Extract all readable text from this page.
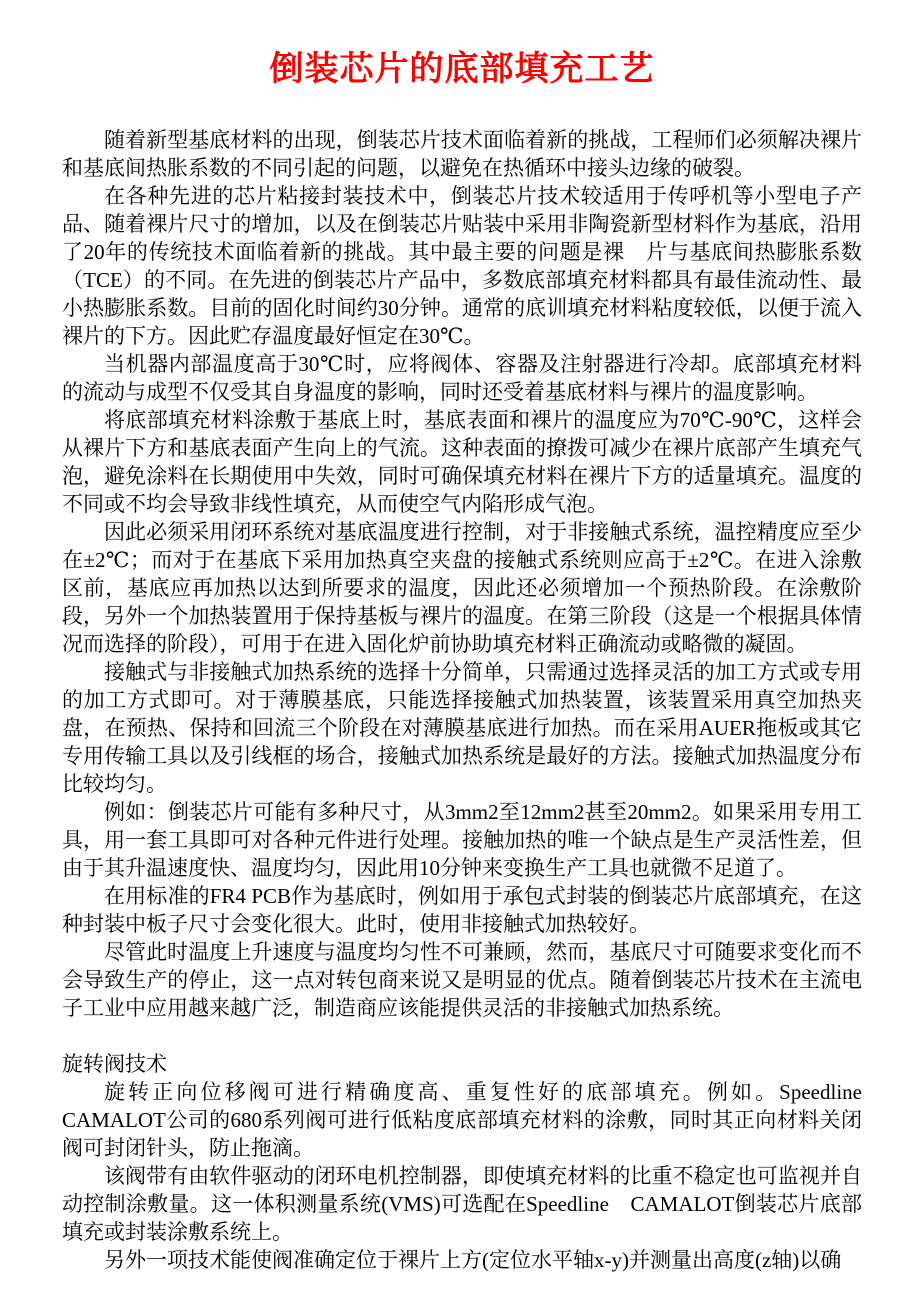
倒装芯片的底部填充工艺

随着新型基底材料的出现，倒装芯片技术面临着新的挑战，工程师们必须解决裸片和基底间热胀系数的不同引起的问题，以避免在热循环中接头边缘的破裂。

在各种先进的芯片粘接封装技术中，倒装芯片技术较适用于传呼机等小型电子产品、随着裸片尺寸的增加，以及在倒装芯片贴装中采用非陶瓷新型材料作为基底，沿用了20年的传统技术面临着新的挑战。其中最主要的问题是裸　片与基底间热膨胀系数（TCE）的不同。在先进的倒装芯片产品中，多数底部填充材料都具有最佳流动性、最小热膨胀系数。目前的固化时间约30分钟。通常的底训填充材料粘度较低，以便于流入裸片的下方。因此贮存温度最好恒定在30℃。

当机器内部温度高于30℃时，应将阀体、容器及注射器进行冷却。底部填充材料的流动与成型不仅受其自身温度的影响，同时还受着基底材料与裸片的温度影响。

将底部填充材料涂敷于基底上时，基底表面和裸片的温度应为70℃-90℃，这样会从裸片下方和基底表面产生向上的气流。这种表面的撩拨可减少在裸片底部产生填充气泡，避免涂料在长期使用中失效，同时可确保填充材料在裸片下方的适量填充。温度的不同或不均会导致非线性填充，从而使空气内陷形成气泡。

因此必须采用闭环系统对基底温度进行控制，对于非接触式系统，温控精度应至少在±2℃；而对于在基底下采用加热真空夹盘的接触式系统则应高于±2℃。在进入涂敷区前，基底应再加热以达到所要求的温度，因此还必须增加一个预热阶段。在涂敷阶段，另外一个加热装置用于保持基板与裸片的温度。在第三阶段（这是一个根据具体情况而选择的阶段），可用于在进入固化炉前协助填充材料正确流动或略微的凝固。

接触式与非接触式加热系统的选择十分简单，只需通过选择灵活的加工方式或专用的加工方式即可。对于薄膜基底，只能选择接触式加热装置，该装置采用真空加热夹盘，在预热、保持和回流三个阶段在对薄膜基底进行加热。而在采用AUER拖板或其它专用传输工具以及引线框的场合，接触式加热系统是最好的方法。接触式加热温度分布比较均匀。

例如：倒装芯片可能有多种尺寸，从3mm2至12mm2甚至20mm2。如果采用专用工具，用一套工具即可对各种元件进行处理。接触加热的唯一个缺点是生产灵活性差，但由于其升温速度快、温度均匀，因此用10分钟来变换生产工具也就微不足道了。

在用标准的FR4 PCB作为基底时，例如用于承包式封装的倒装芯片底部填充，在这种封装中板子尺寸会变化很大。此时，使用非接触式加热较好。

尽管此时温度上升速度与温度均匀性不可兼顾，然而，基底尺寸可随要求变化而不会导致生产的停止，这一点对转包商来说又是明显的优点。随着倒装芯片技术在主流电子工业中应用越来越广泛，制造商应该能提供灵活的非接触式加热系统。

旋转阀技术

旋转正向位移阀可进行精确度高、重复性好的底部填充。例如。Speedline　CAMALOT公司的680系列阀可进行低粘度底部填充材料的涂敷，同时其正向材料关闭阀可封闭针头，防止拖滴。

该阀带有由软件驱动的闭环电机控制器，即使填充材料的比重不稳定也可监视并自动控制涂敷量。这一体积测量系统(VMS)可选配在Speedline　CAMALOT倒装芯片底部填充或封装涂敷系统上。

另外一项技术能使阀准确定位于裸片上方(定位水平轴x-y)并测量出高度(z轴)以确
